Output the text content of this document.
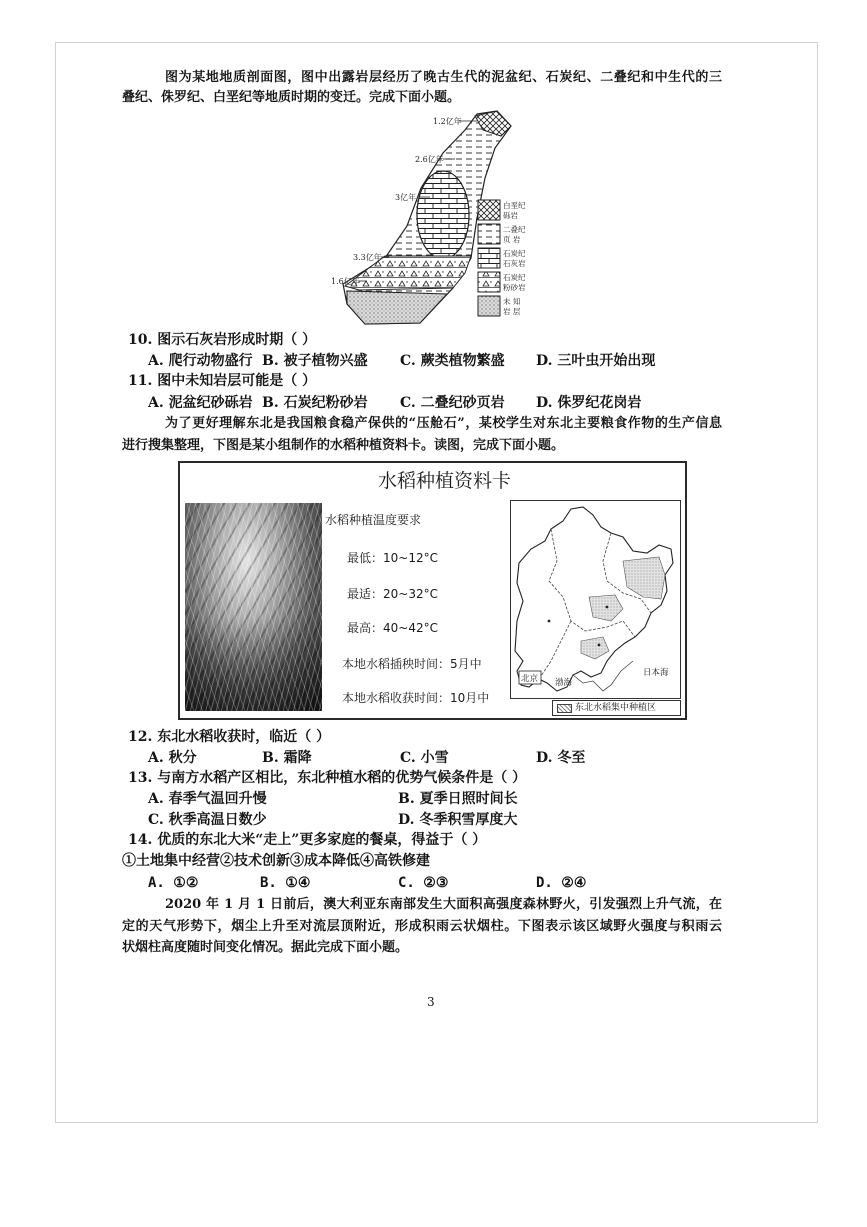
图为某地地质剖面图，图中出露岩层经历了晚古生代的泥盆纪、石炭纪、二叠纪和中生代的三
叠纪、侏罗纪、白垩纪等地质时期的变迁。完成下面小题。
1.2亿年
2.6亿年
3亿年
3.3亿年
1.6亿年
白垩纪
砾岩
二叠纪
页 岩
石炭纪
石灰岩
石炭纪
粉砂岩
未 知
岩 层
10. 图示石灰岩形成时期（ ）
A. 爬行动物盛行 B. 被子植物兴盛 C. 蕨类植物繁盛 D. 三叶虫开始出现
11. 图中未知岩层可能是（ ）
A. 泥盆纪砂砾岩 B. 石炭纪粉砂岩 C. 二叠纪砂页岩 D. 侏罗纪花岗岩
为了更好理解东北是我国粮食稳产保供的“压舱石”，某校学生对东北主要粮食作物的生产信息
进行搜集整理，下图是某小组制作的水稻种植资料卡。读图，完成下面小题。
水稻种植资料卡
水稻种植温度要求
最低：10~12°C
最适：20~32°C
最高：40~42°C
本地水稻插秧时间：5月中
本地水稻收获时间：10月中
北京 渤海
日本海
东北水稻集中种植区
12. 东北水稻收获时，临近（ ）
A. 秋分	B. 霜降	C. 小雪	D. 冬至
13. 与南方水稻产区相比，东北种植水稻的优势气候条件是（ ）
A. 春季气温回升慢	B. 夏季日照时间长
C. 秋季高温日数少	D. 冬季积雪厚度大
14. 优质的东北大米“走上”更多家庭的餐桌，得益于（ ）
①土地集中经营②技术创新③成本降低④高铁修建
A. ①②	B. ①④	C. ②③	D. ②④
2020 年 1 月 1 日前后，澳大利亚东南部发生大面积高强度森林野火，引发强烈上升气流，在
定的天气形势下，烟尘上升至对流层顶附近，形成积雨云状烟柱。下图表示该区域野火强度与积雨云
状烟柱高度随时间变化情况。据此完成下面小题。
3
